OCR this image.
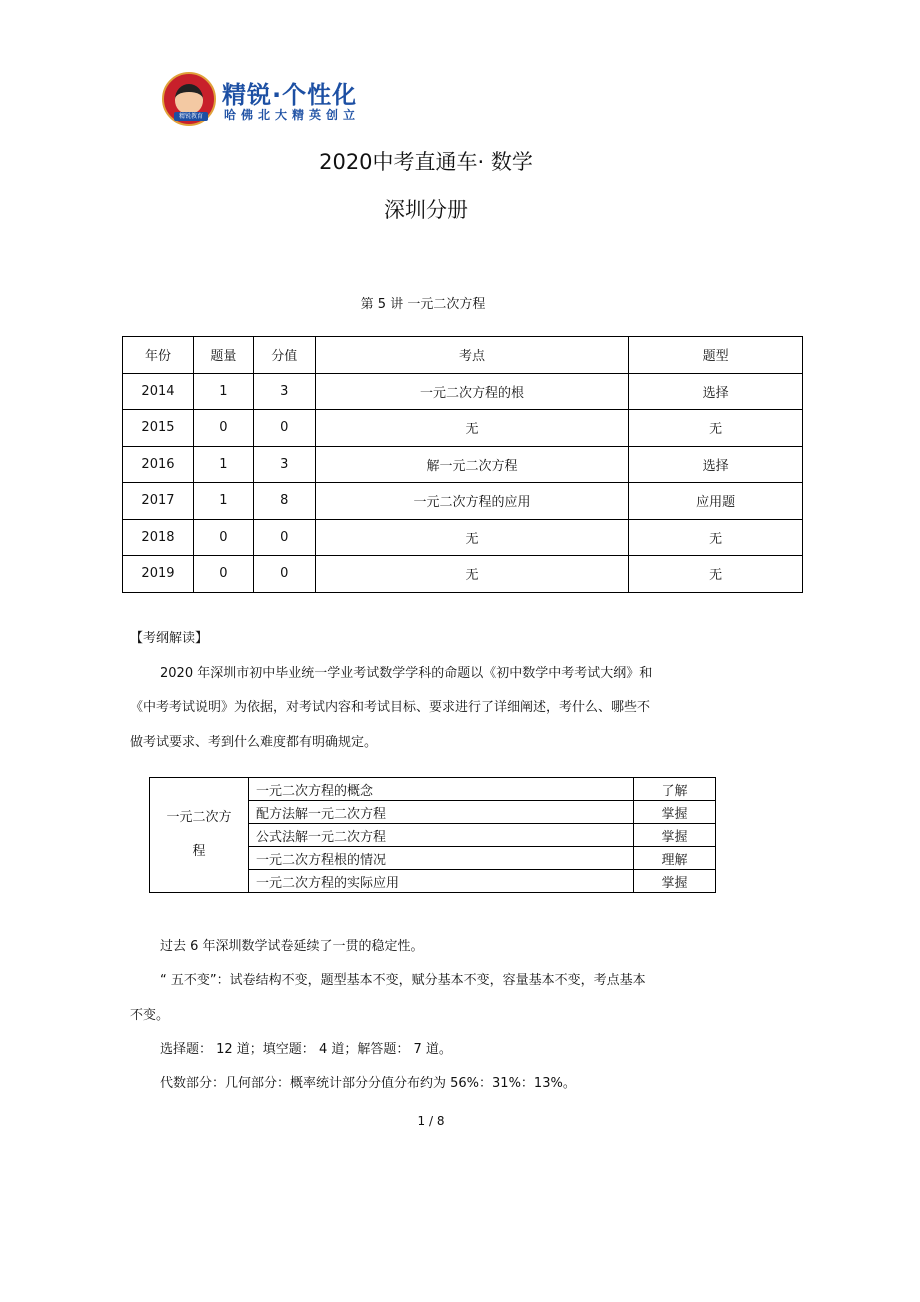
精锐教育
精锐·个性化
哈佛北大精英创立
2020中考直通车· 数学
深圳分册
第 5 讲 一元二次方程
年份	题量	分值	考点	题型
2014	1	3	一元二次方程的根	选择
2015	0	0	无	无
2016	1	3	解一元二次方程	选择
2017	1	8	一元二次方程的应用	应用题
2018	0	0	无	无
2019	0	0	无	无
【考纲解读】
2020 年深圳市初中毕业统一学业考试数学学科的命题以《初中数学中考考试大纲》和
《中考考试说明》为依据，对考试内容和考试目标、要求进行了详细阐述，考什么、哪些不
做考试要求、考到什么难度都有明确规定。
一元二次方程	一元二次方程的概念	了解
	配方法解一元二次方程	掌握
	公式法解一元二次方程	掌握
	一元二次方程根的情况	理解
	一元二次方程的实际应用	掌握
过去 6 年深圳数学试卷延续了一贯的稳定性。
“ 五不变”：试卷结构不变，题型基本不变，赋分基本不变，容量基本不变，考点基本
不变。
选择题： 12 道；填空题： 4 道；解答题： 7 道。
代数部分：几何部分：概率统计部分分值分布约为 56%：31%：13%。
1 / 8
